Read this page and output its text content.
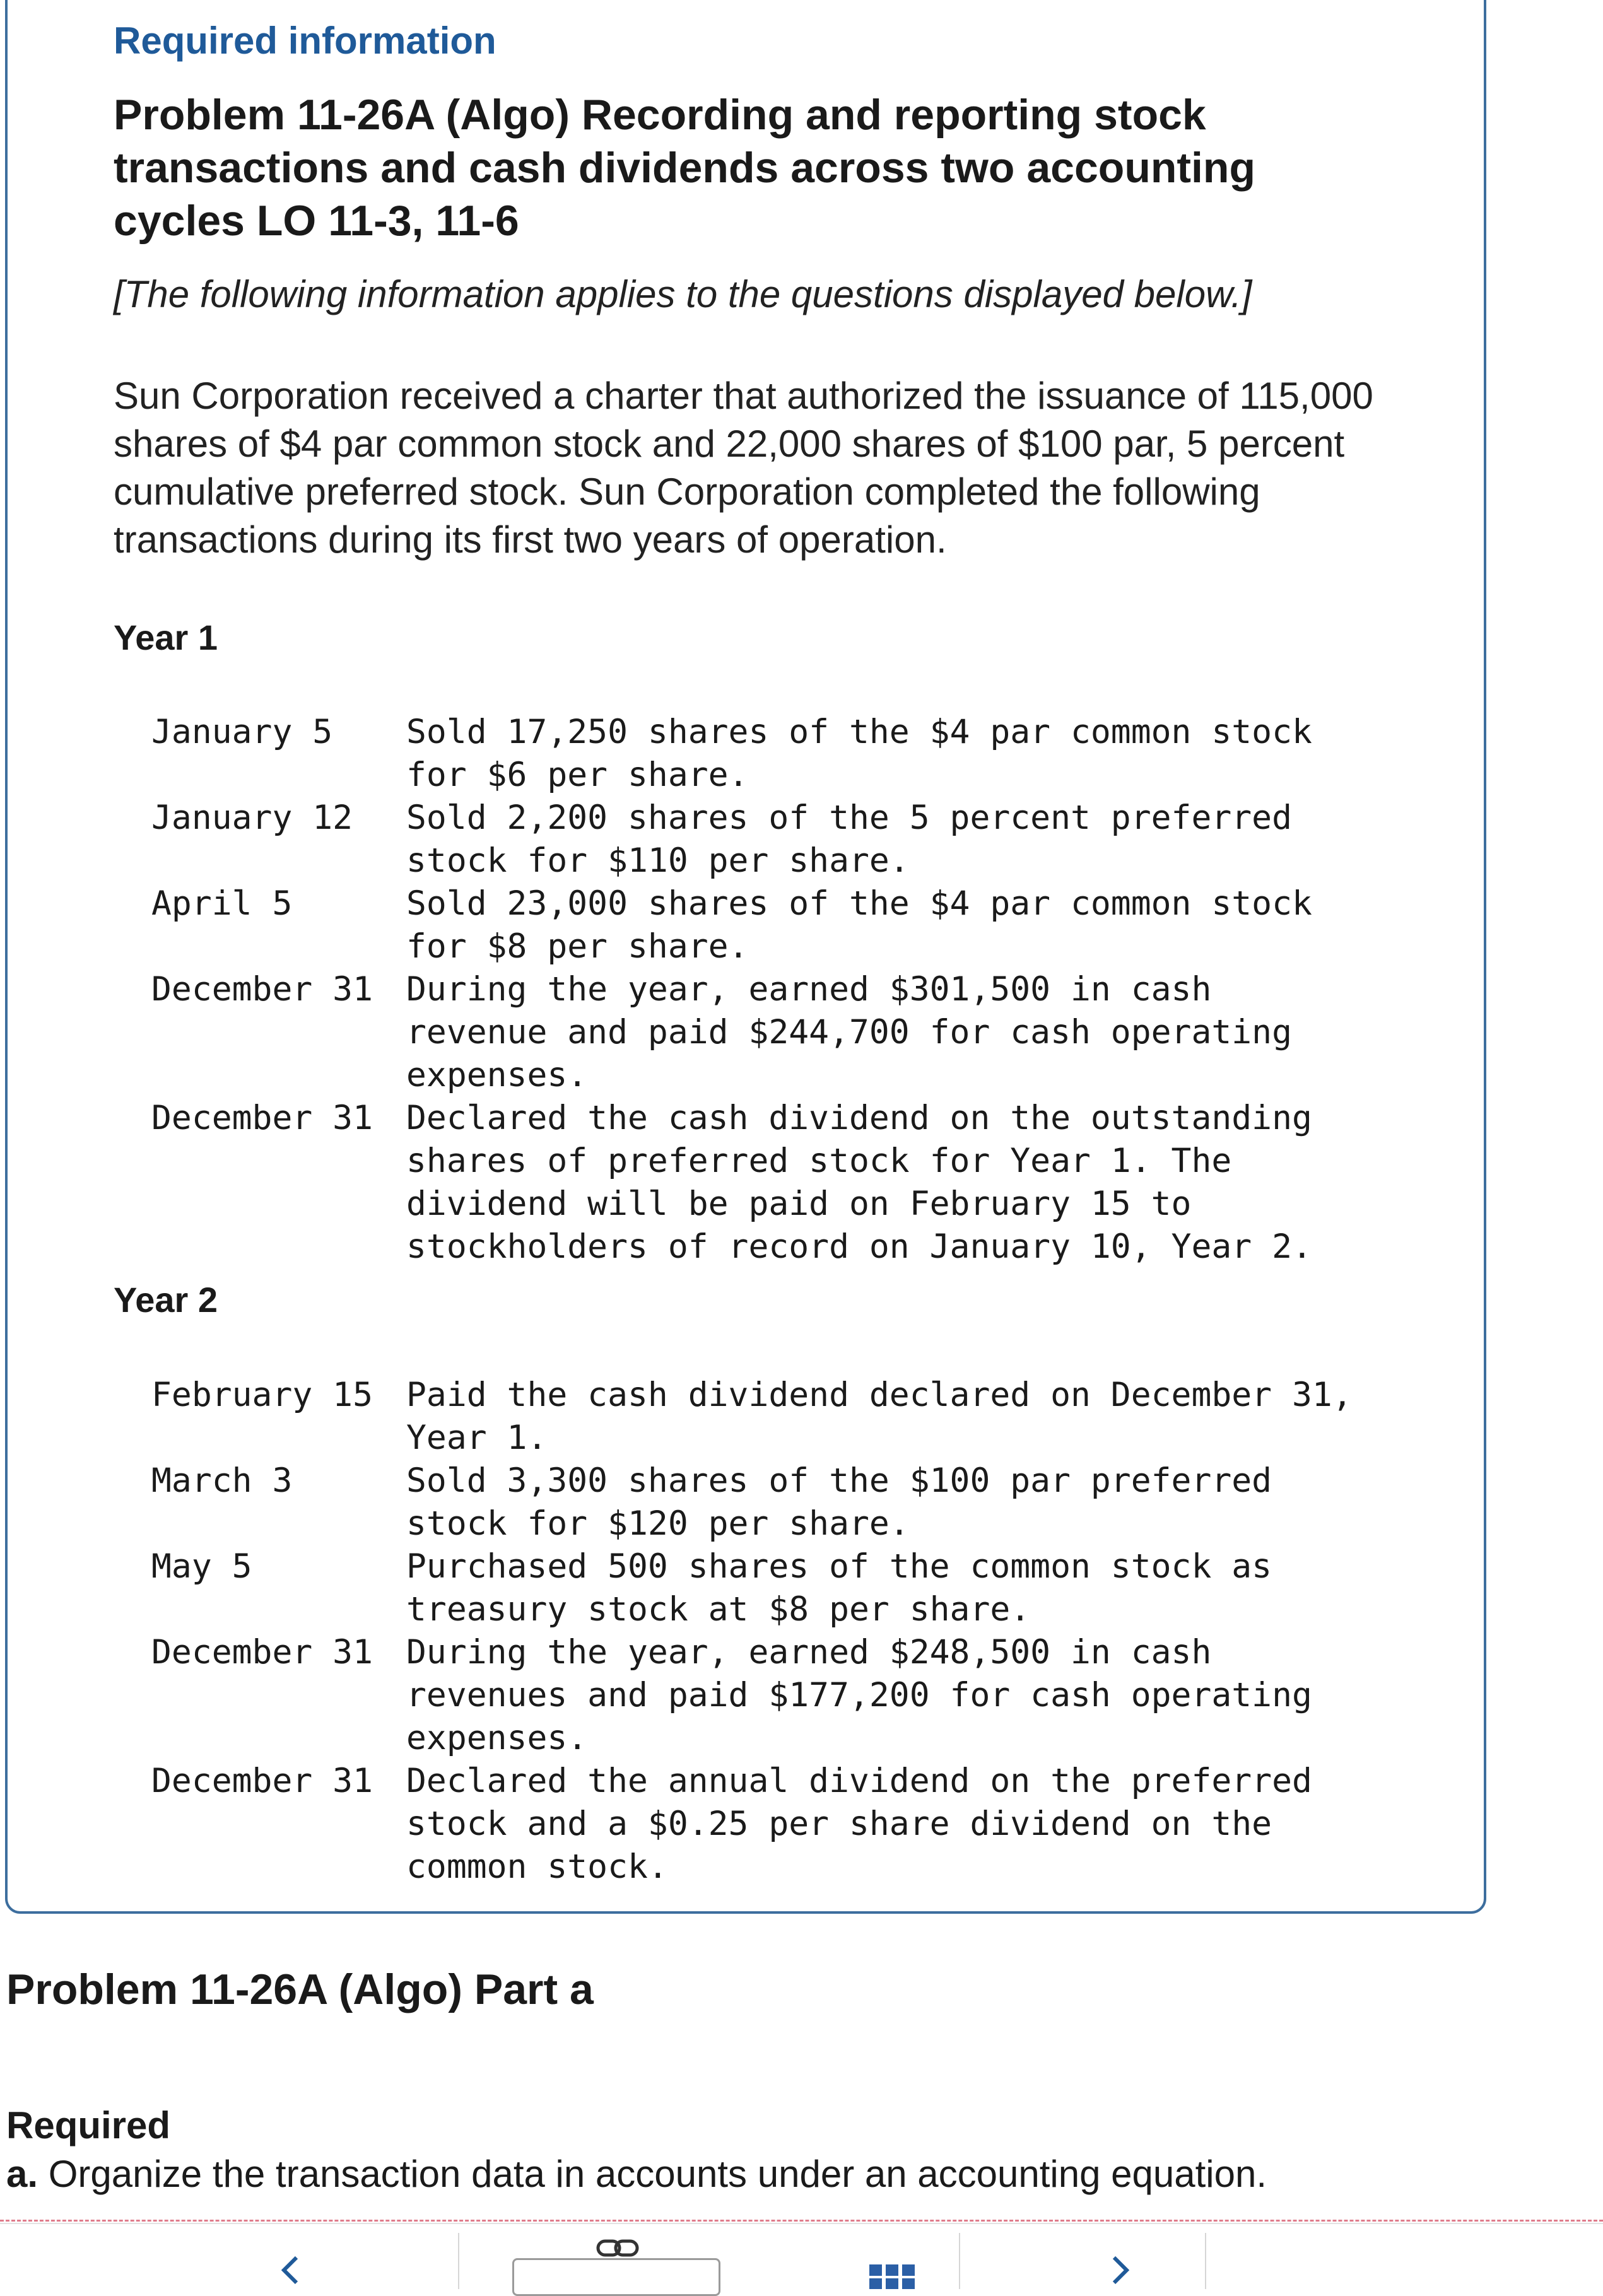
Required information
Problem 11-26A (Algo) Recording and reporting stock transactions and cash dividends across two accounting cycles LO 11-3, 11-6
[The following information applies to the questions displayed below.]
Sun Corporation received a charter that authorized the issuance of 115,000 shares of $4 par common stock and 22,000 shares of $100 par, 5 percent cumulative preferred stock. Sun Corporation completed the following transactions during its first two years of operation.
Year 1
January 5	Sold 17,250 shares of the $4 par common stock for $6 per share.
January 12	Sold 2,200 shares of the 5 percent preferred stock for $110 per share.
April 5	Sold 23,000 shares of the $4 par common stock for $8 per share.
December 31	During the year, earned $301,500 in cash revenue and paid $244,700 for cash operating expenses.
December 31	Declared the cash dividend on the outstanding shares of preferred stock for Year 1. The dividend will be paid on February 15 to stockholders of record on January 10, Year 2.
Year 2
February 15	Paid the cash dividend declared on December 31, Year 1.
March 3	Sold 3,300 shares of the $100 par preferred stock for $120 per share.
May 5	Purchased 500 shares of the common stock as treasury stock at $8 per share.
December 31	During the year, earned $248,500 in cash revenues and paid $177,200 for cash operating expenses.
December 31	Declared the annual dividend on the preferred stock and a $0.25 per share dividend on the common stock.
Problem 11-26A (Algo) Part a
Required
a. Organize the transaction data in accounts under an accounting equation.
